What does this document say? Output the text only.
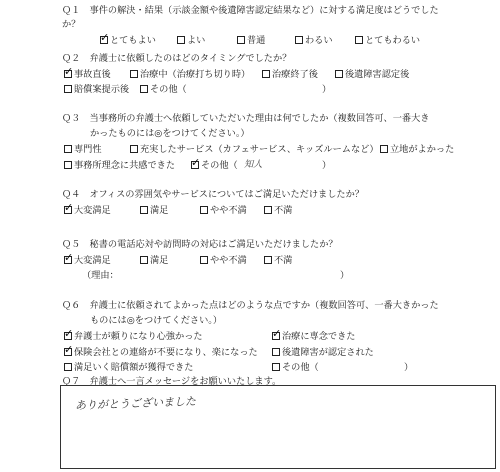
Ｑ１　事件の解決・結果（示談金額や後遺障害認定結果など）に対する満足度はどうでした
か？
✓とてもよい	よい	普通	わるい	とてもわるい
Ｑ２　弁護士に依頼したのはどのタイミングでしたか？
✓事故直後	治療中（治療打ち切り時）	治療終了後	後遺障害認定後
賠償案提示後	その他（	）
Ｑ３　当事務所の弁護士へ依頼していただいた理由は何でしたか（複数回答可、一番大き
かったものには◎をつけてください。）
専門性	充実したサービス（カフェサービス、キッズルームなど）	立地がよかった
事務所理念に共感できた ✓	その他（ 知人	）
Ｑ４　オフィスの雰囲気やサービスについてはご満足いただけましたか？
✓大変満足	満足	やや不満	不満
Ｑ５　秘書の電話応対や訪問時の対応はご満足いただけましたか？
✓大変満足	満足	やや不満	不満
（理由：	）
Ｑ６　弁護士に依頼されてよかった点はどのような点ですか（複数回答可、一番大きかった
ものには◎をつけてください。）
✓弁護士が頼りになり心強かった ✓	治療に専念できた
✓保険会社との連絡が不要になり、楽になった	後遺障害が認定された
満足いく賠償額が獲得できた	その他（	）
Ｑ７　弁護士へ一言メッセージをお願いいたします。
ありがとうございました
